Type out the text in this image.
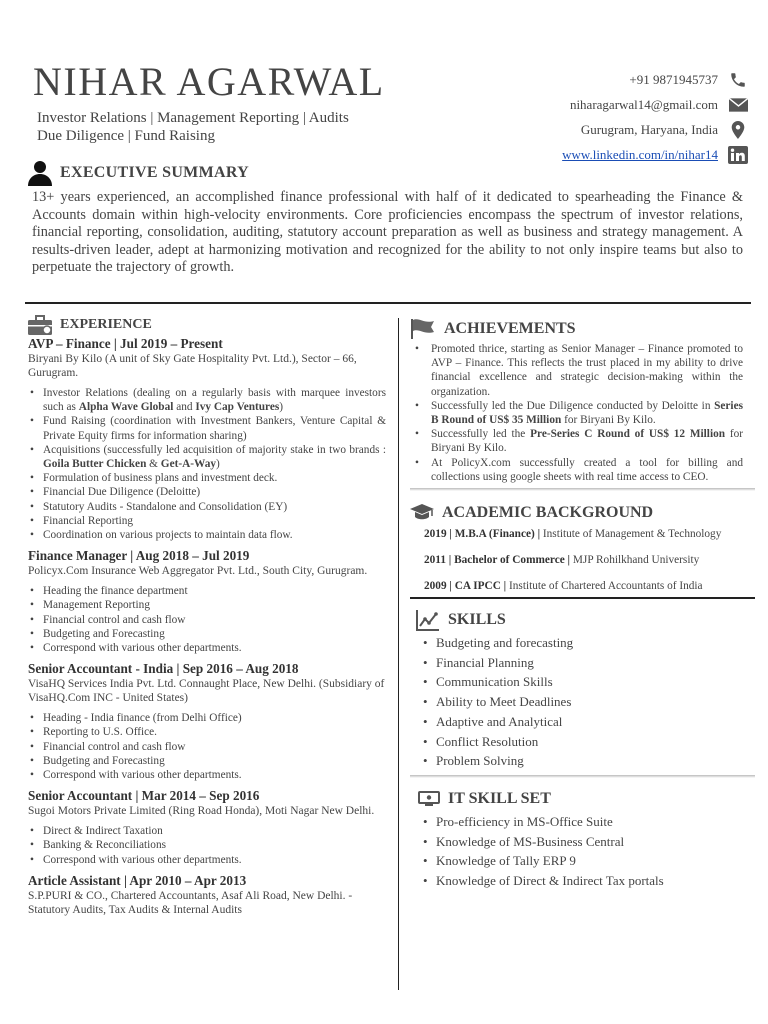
NIHAR AGARWAL
Investor Relations | Management Reporting | Audits
Due Diligence | Fund Raising
+91 9871945737
niharagarwal14@gmail.com
Gurugram, Haryana, India
www.linkedin.com/in/nihar14
EXECUTIVE SUMMARY

13+ years experienced, an accomplished finance professional with half of it dedicated to spearheading the Finance & Accounts domain within high-velocity environments. Core proficiencies encompass the spectrum of investor relations, financial reporting, consolidation, auditing, statutory account preparation as well as business and strategy management. A results-driven leader, adept at harmonizing motivation and recognized for the ability to not only inspire teams but also to perpetuate the trajectory of growth.

EXPERIENCE
AVP – Finance | Jul 2019 – Present
Biryani By Kilo (A unit of Sky Gate Hospitality Pvt. Ltd.), Sector – 66, Gurugram.
• Investor Relations (dealing on a regularly basis with marquee investors such as Alpha Wave Global and Ivy Cap Ventures)
• Fund Raising (coordination with Investment Bankers, Venture Capital & Private Equity firms for information sharing)
• Acquisitions (successfully led acquisition of majority stake in two brands : Goila Butter Chicken & Get-A-Way)
• Formulation of business plans and investment deck.
• Financial Due Diligence (Deloitte)
• Statutory Audits - Standalone and Consolidation (EY)
• Financial Reporting
• Coordination on various projects to maintain data flow.
Finance Manager | Aug 2018 – Jul 2019
Policyx.Com Insurance Web Aggregator Pvt. Ltd., South City, Gurugram.
• Heading the finance department
• Management Reporting
• Financial control and cash flow
• Budgeting and Forecasting
• Correspond with various other departments.
Senior Accountant - India | Sep 2016 – Aug 2018
VisaHQ Services India Pvt. Ltd. Connaught Place, New Delhi. (Subsidiary of VisaHQ.Com INC - United States)
• Heading - India finance (from Delhi Office)
• Reporting to U.S. Office.
• Financial control and cash flow
• Budgeting and Forecasting
• Correspond with various other departments.
Senior Accountant | Mar 2014 – Sep 2016
Sugoi Motors Private Limited (Ring Road Honda), Moti Nagar New Delhi.
• Direct & Indirect Taxation
• Banking & Reconciliations
• Correspond with various other departments.
Article Assistant | Apr 2010 – Apr 2013
S.P.PURI & CO., Chartered Accountants, Asaf Ali Road, New Delhi. - Statutory Audits, Tax Audits & Internal Audits
ACHIEVEMENTS
• Promoted thrice, starting as Senior Manager – Finance promoted to AVP – Finance. This reflects the trust placed in my ability to drive financial excellence and strategic decision-making within the organization.
• Successfully led the Due Diligence conducted by Deloitte in Series B Round of US$ 35 Million for Biryani By Kilo.
• Successfully led the Pre-Series C Round of US$ 12 Million for Biryani By Kilo.
• At PolicyX.com successfully created a tool for billing and collections using google sheets with real time access to CEO.
ACADEMIC BACKGROUND
2019 | M.B.A (Finance) | Institute of Management & Technology
2011 | Bachelor of Commerce | MJP Rohilkhand University
2009 | CA IPCC | Institute of Chartered Accountants of India
SKILLS
• Budgeting and forecasting
• Financial Planning
• Communication Skills
• Ability to Meet Deadlines
• Adaptive and Analytical
• Conflict Resolution
• Problem Solving
IT SKILL SET
• Pro-efficiency in MS-Office Suite
• Knowledge of MS-Business Central
• Knowledge of Tally ERP 9
• Knowledge of Direct & Indirect Tax portals
